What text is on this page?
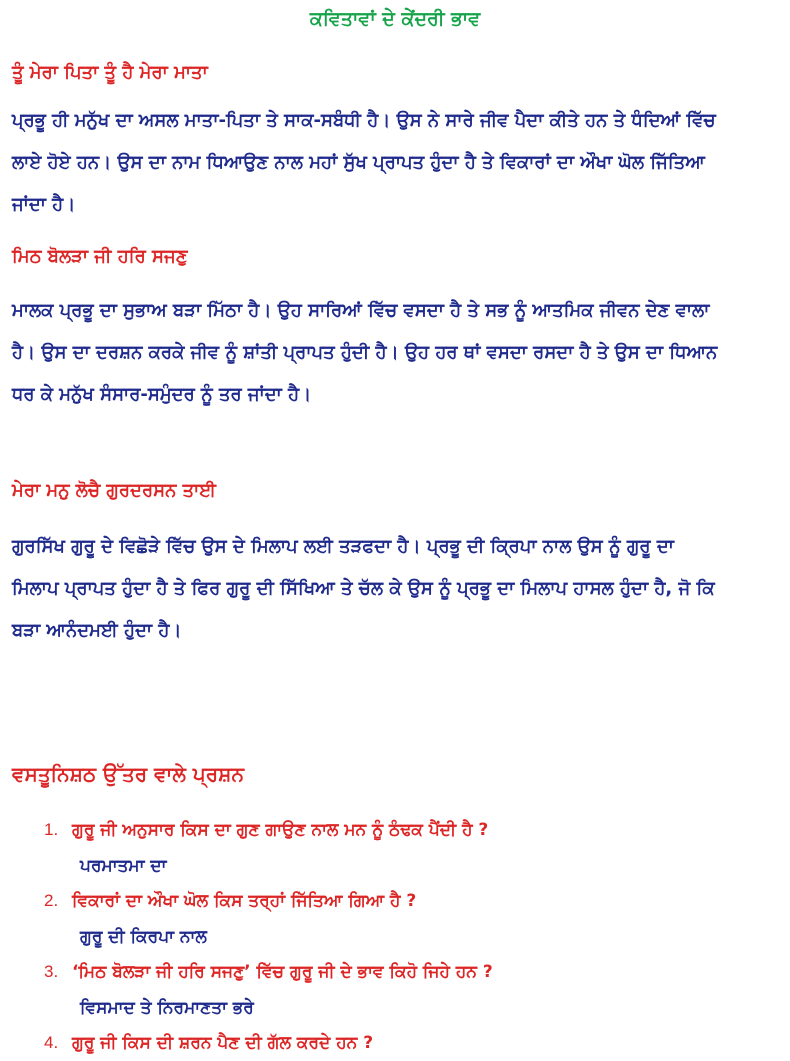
ਕਵਿਤਾਵਾਂ ਦੇ ਕੇਂਦਰੀ ਭਾਵ
ਤੂੰ ਮੇਰਾ ਪਿਤਾ ਤੂੰ ਹੈ ਮੇਰਾ ਮਾਤਾ
ਪ੍ਰਭੂ ਹੀ ਮਨੁੱਖ ਦਾ ਅਸਲ ਮਾਤਾ-ਪਿਤਾ ਤੇ ਸਾਕ-ਸਬੰਧੀ ਹੈ। ਉਸ ਨੇ ਸਾਰੇ ਜੀਵ ਪੈਦਾ ਕੀਤੇ ਹਨ ਤੇ ਧੰਦਿਆਂ ਵਿੱਚ
ਲਾਏ ਹੋਏ ਹਨ। ਉਸ ਦਾ ਨਾਮ ਧਿਆਉਣ ਨਾਲ ਮਹਾਂ ਸੁੱਖ ਪ੍ਰਾਪਤ ਹੁੰਦਾ ਹੈ ਤੇ ਵਿਕਾਰਾਂ ਦਾ ਔਖਾ ਘੋਲ ਜਿੱਤਿਆ
ਜਾਂਦਾ ਹੈ।
ਮਿਠ ਬੋਲੜਾ ਜੀ ਹਰਿ ਸਜਣੁ
ਮਾਲਕ ਪ੍ਰਭੂ ਦਾ ਸੁਭਾਅ ਬੜਾ ਮਿੱਠਾ ਹੈ। ਉਹ ਸਾਰਿਆਂ ਵਿੱਚ ਵਸਦਾ ਹੈ ਤੇ ਸਭ ਨੂੰ ਆਤਮਿਕ ਜੀਵਨ ਦੇਣ ਵਾਲਾ
ਹੈ। ਉਸ ਦਾ ਦਰਸ਼ਨ ਕਰਕੇ ਜੀਵ ਨੂੰ ਸ਼ਾਂਤੀ ਪ੍ਰਾਪਤ ਹੁੰਦੀ ਹੈ। ਉਹ ਹਰ ਥਾਂ ਵਸਦਾ ਰਸਦਾ ਹੈ ਤੇ ਉਸ ਦਾ ਧਿਆਨ
ਧਰ ਕੇ ਮਨੁੱਖ ਸੰਸਾਰ-ਸਮੁੰਦਰ ਨੂੰ ਤਰ ਜਾਂਦਾ ਹੈ।
ਮੇਰਾ ਮਨੁ ਲੋਚੈ ਗੁਰਦਰਸਨ ਤਾਈ
ਗੁਰਸਿੱਖ ਗੁਰੂ ਦੇ ਵਿਛੋੜੇ ਵਿੱਚ ਉਸ ਦੇ ਮਿਲਾਪ ਲਈ ਤੜਫਦਾ ਹੈ। ਪ੍ਰਭੂ ਦੀ ਕ੍ਰਿਪਾ ਨਾਲ ਉਸ ਨੂੰ ਗੁਰੂ ਦਾ
ਮਿਲਾਪ ਪ੍ਰਾਪਤ ਹੁੰਦਾ ਹੈ ਤੇ ਫਿਰ ਗੁਰੂ ਦੀ ਸਿੱਖਿਆ ਤੇ ਚੱਲ ਕੇ ਉਸ ਨੂੰ ਪ੍ਰਭੂ ਦਾ ਮਿਲਾਪ ਹਾਸਲ ਹੁੰਦਾ ਹੈ, ਜੋ ਕਿ
ਬੜਾ ਆਨੰਦਮਈ ਹੁੰਦਾ ਹੈ।
ਵਸਤੂਨਿਸ਼ਠ ਉੱਤਰ ਵਾਲੇ ਪ੍ਰਸ਼ਨ
1. ਗੁਰੂ ਜੀ ਅਨੁਸਾਰ ਕਿਸ ਦਾ ਗੁਣ ਗਾਉਣ ਨਾਲ ਮਨ ਨੂੰ ਠੰਢਕ ਪੈਂਦੀ ਹੈ ?
ਪਰਮਾਤਮਾ ਦਾ
2. ਵਿਕਾਰਾਂ ਦਾ ਔਖਾ ਘੋਲ ਕਿਸ ਤਰ੍ਹਾਂ ਜਿੱਤਿਆ ਗਿਆ ਹੈ ?
ਗੁਰੂ ਦੀ ਕਿਰਪਾ ਨਾਲ
3. ‘ਮਿਠ ਬੋਲੜਾ ਜੀ ਹਰਿ ਸਜਣੁ’ ਵਿੱਚ ਗੁਰੂ ਜੀ ਦੇ ਭਾਵ ਕਿਹੋ ਜਿਹੇ ਹਨ ?
ਵਿਸਮਾਦ ਤੇ ਨਿਰਮਾਣਤਾ ਭਰੇ
4. ਗੁਰੂ ਜੀ ਕਿਸ ਦੀ ਸ਼ਰਨ ਪੈਣ ਦੀ ਗੱਲ ਕਰਦੇ ਹਨ ?
